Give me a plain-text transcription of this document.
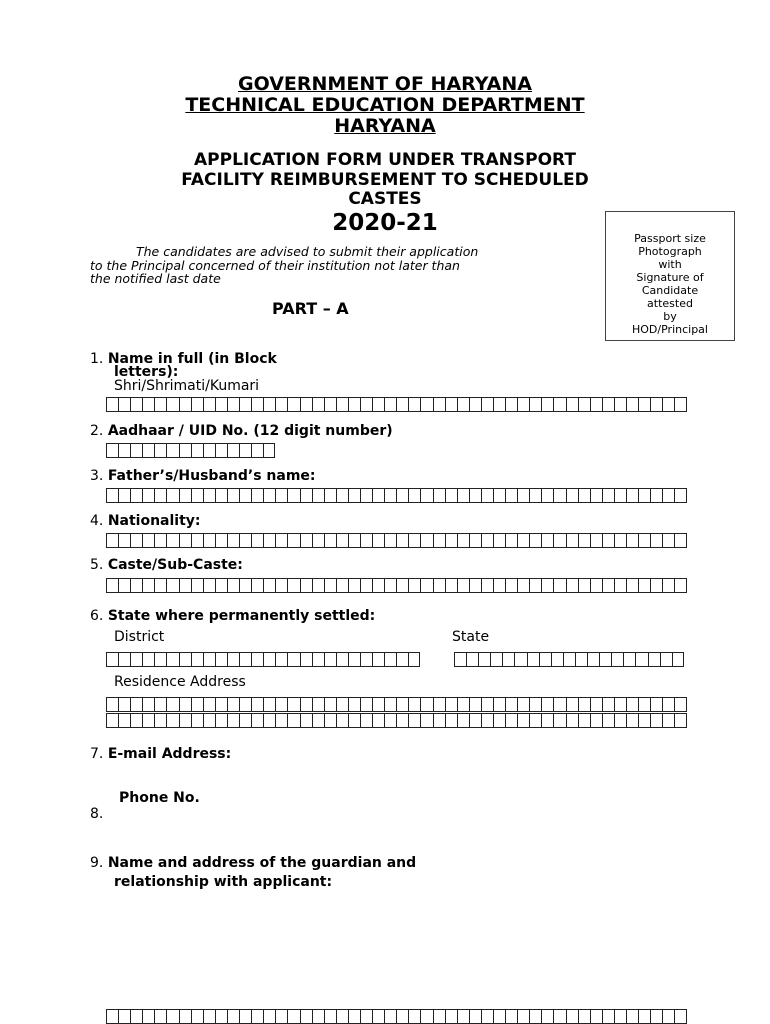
GOVERNMENT OF HARYANA
TECHNICAL EDUCATION DEPARTMENT
HARYANA
APPLICATION FORM UNDER TRANSPORT
FACILITY REIMBURSEMENT TO SCHEDULED
CASTES
2020-21
The candidates are advised to submit their application
to the Principal concerned of their institution not later than
the notified last date
Passport size
Photograph
with
Signature of
Candidate
attested
by
HOD/Principal
PART – A
1. Name in full (in Block
letters):
Shri/Shrimati/Kumari
2. Aadhaar / UID No. (12 digit number)
3. Father’s/Husband’s name:
4. Nationality:
5. Caste/Sub-Caste:
6. State where permanently settled:
District	State
Residence Address
7. E-mail Address:
Phone No.
8.
9. Name and address of the guardian and
relationship with applicant:
